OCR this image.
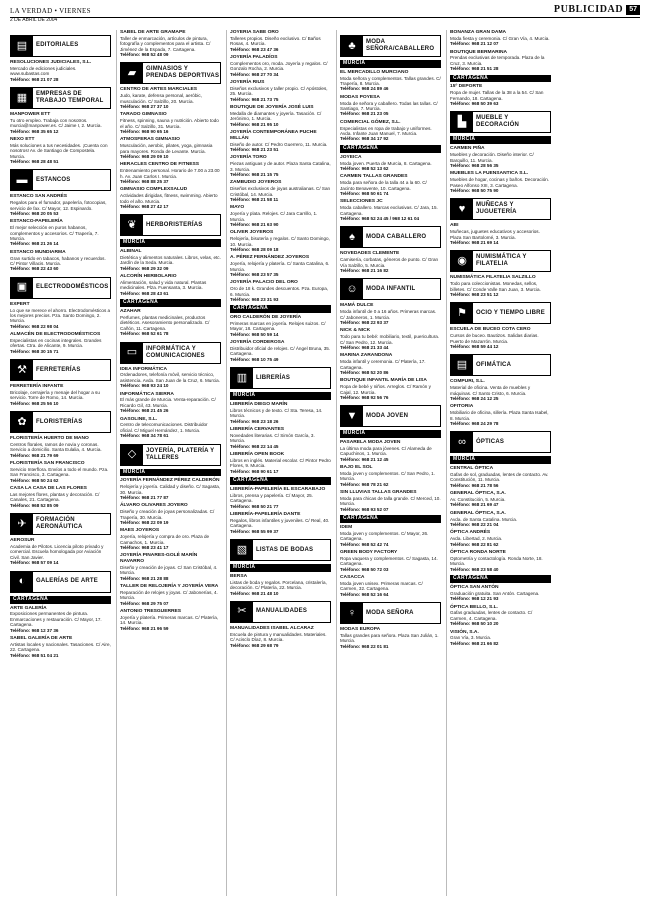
LA VERDAD • VIERNES	PUBLICIDAD 57
2 DE ABRIL DE 2004
▤	EDITORIALES
RESOLUCIONES JUDICIALES, S.L.
Mercado de ediciones judiciales. www.subastas.com
Teléfono: 968 21 07 28
▦	EMPRESAS DE TRABAJO TEMPORAL
MANPOWER ETT
Tu otro empleo. Trabaja con nosotros. murcia@manpower.es. C/ Jaime I, 2. Murcia.
Teléfono: 968 35 65 12
NEXO ETT
Más soluciones a tus necesidades. ¡Cuenta con nosotros! Av. de Santiago de Compostela. Murcia.
Teléfono: 968 28 48 51
▬	ESTANCOS
ESTANCO SAN ANDRÉS
Regalos para el fumador, papelería, fotocopias, servicio de fax. C/ Mayor, 12. Espinardo.
Teléfono: 968 20 05 53
ESTANCO-PAPELERÍA
El mejor selección en puros habanos, complementos y accesorios. C/ Trapería, 7. Murcia.
Teléfono: 968 21 26 14
ESTANCO MUNDIARMA
Gran surtido en tabacos, habanos y recuerdos. C/ Pintor Villacis. Murcia.
Teléfono: 968 22 43 60
▣	ELECTRODOMÉSTICOS
EXPERT
Lo que se merece el ahorro. Electrodomésticos a los mejores precios. Pza. Santo Domingo, 2. Murcia.
Teléfono: 968 22 98 04
ALMACÉN DE ELECTRODOMÉSTICOS
Especialistas en cocinas integrales. Grandes ofertas. Ctra. de Alicante, 9. Murcia.
Teléfono: 968 30 15 71
⚒	FERRETERÍAS
FERRETERÍA INFANTE
Bricolaje, cerrajería y menaje del hogar a su servicio. Torre de Romo, 14. Murcia.
Teléfono: 968 25 56 10
✿	FLORISTERÍAS
FLORISTERÍA HUERTO DE MANO
Centros florales, ramos de novia y coronas. Servicio a domicilio. Santa Eulalia, 4. Murcia.
Teléfono: 968 21 79 69
FLORISTERÍA SAN FRANCISCO
Servicio Interflora. Envíos a todo el mundo. Pza. San Francisco, 3. Cartagena.
Teléfono: 968 50 24 62
CASA LA CASA DE LAS FLORES
Las mejores flores, plantas y decoración. C/ Canales, 21. Cartagena.
Teléfono: 968 52 85 09
✈	FORMACIÓN AERONÁUTICA
AEROSUR
Academia de Pilotos. Licencia piloto privado y comercial. Escuela homologada por Aviación Civil. San Javier.
Teléfono: 968 57 09 14
◐	GALERÍAS DE ARTE
CARTAGENA
ARTE GALERÍA
Exposiciones permanentes de pintura. Enmarcaciones y restauración. C/ Mayor, 17. Cartagena.
Teléfono: 968 12 37 36
SABEL GALERÍA DE ARTE
Artistas locales y nacionales. Tasaciones. C/ Aire, 22. Cartagena.
Teléfono: 968 51 04 21
SABEL DE ARTE GRAMAPÉ
Taller de enmarcación, artículos de pintura, fotografía y complementos para el artista. C/ Jiménez de la Espada, 7. Cartagena.
Teléfono: 968 52 48 09
▰	GIMNASIOS Y PRENDAS DEPORTIVAS
CENTRO DE ARTES MARCIALES
Judo, karate, defensa personal, aeróbic, musculación. C/ Salzillo, 20. Murcia.
Teléfono: 968 27 37 10
TARADO GIMNASIO
Fitness, spinning, sauna y nutrición. Abierto todo el año. C/ Salzillo, 31. Murcia.
Teléfono: 968 90 65 16
ATMOSFERAS GIMNASIO
Musculación, aerobic, pilates, yoga, gimnasia para mayores. Ronda de Levante. Murcia.
Teléfono: 968 29 09 10
HERACLES CENTRO DE FITNESS
Entrenamiento personal. Horario de 7.00 a 23.00 h. Av. Juan Carlos I. Murcia.
Teléfono: 968 88 25 37
GIMNASIO COMPLEXSALUD
Actividades dirigidas, fitness, swimming. Abierto todo el año. Murcia.
Teléfono: 968 27 42 17
❦	HERBORISTERÍAS
MURCIA
ALBINAL
Dietética y alimentos naturales. Libros, velas, etc. Jardín de la Seda. Murcia.
Teléfono: 968 29 32 09
ALCORÍN HERBOLARIO
Alimentación, salud y vida natural. Plantas medicinales. Plza. Fuensanta, 3. Murcia.
Teléfono: 968 28 43 61
CARTAGENA
AZAHAR
Perfumes, plantas medicinales, productos dietéticos. Asesoramiento personalizado. C/ Cañón, 11. Cartagena.
Teléfono: 968 52 61 78
▭	INFORMÁTICA Y COMUNICACIONES
IDEA INFORMÁTICA
Ordenadores, telefonía móvil, servicio técnico, asistencia. Avda. San Juan de la Cruz, 6. Murcia.
Teléfono: 968 93 24 10
INFORMÁTICA SIERRA
El más grande de Murcia. Venta-reparación. C/ Ricardo Gil, 43. Murcia.
Teléfono: 968 21 45 26
GASOLINE, S.L.
Centro de telecomunicaciones. Distribuidor oficial. C/ Miguel Hernández, 1. Murcia.
Teléfono: 968 34 78 61
◇	JOYERÍA, PLATERÍA Y TALLERES
MURCIA
JOYERÍA FERNÁNDEZ PÉREZ CALDERÓN
Relojería y joyería. Calidad y diseño. C/ Sagasta, 30. Murcia.
Teléfono: 968 21 77 87
ÁLVARO OLIVARES JOYERO
Diseño y creación de joyas personalizadas. C/ Trapería, 30. Murcia.
Teléfono: 968 22 09 19
MAES JOYEROS
Joyería, relojería y compra de oro. Plaza de Camachos, 1. Murcia.
Teléfono: 968 23 41 17
JOYERÍA PINARES-GOLÉ MARÍN NAVARRO
Diseño y creación de joyas. C/ San Cristóbal, 4. Murcia.
Teléfono: 968 21 28 88
TALLER DE RELOJERÍA Y JOYERÍA VERA
Reparación de relojes y joyas. C/ Jabonerías, 4. Murcia.
Teléfono: 968 29 75 07
ANTONIO TRESGUERRES
Joyería y platería. Primeras marcas. C/ Platería, 14. Murcia.
Teléfono: 968 21 96 59
JOYERÍA SABÉ ORO
Talleres propios. Diseño exclusivo. C/ Baños Rosas, 4. Murcia.
Teléfono: 968 23 47 36
JOYERÍA PALADÍOS
Complementos oro, moda. Joyería y regalos. C/ Gonzalo Rocha, 2. Murcia.
Teléfono: 968 27 70 34
JOYERÍA RIUS
Diseños exclusivos y taller propio. C/ Apóstoles, 25. Murcia.
Teléfono: 968 21 73 75
BOUTIQUE DE JOYERÍA JOSÉ LUIS
Medalla de diamantes y joyería. Tasación. C/ Jerónimo, 1. Murcia.
Teléfono: 968 21 95 10
JOYERÍA CONTEMPORÁNEA PUCHE MILLÁN
Diseño de autor. C/ Pedro Guerrero, 11. Murcia.
Teléfono: 968 21 23 51
JOYERÍA TORO
Piezas antiguas y de autor. Plaza Santa Catalina, 3. Murcia.
Teléfono: 968 21 15 75
ZAMBUDIO JOYEROS
Diseños exclusivos de joyas australianas. C/ San Cristóbal, 14. Murcia.
Teléfono: 968 21 58 11
MAYO
Joyería y plata. Relojes. C/ Jara Carrillo, 1. Murcia.
Teléfono: 968 21 63 90
OLIVER JOYEROS
Relojería, bisutería y regalos. C/ Santo Domingo, 10. Murcia.
Teléfono: 968 28 09 18
A. PÉREZ FERNÁNDEZ JOYEROS
Joyería, relojería y platería. C/ Santa Catalina, 6. Murcia.
Teléfono: 968 23 57 35
JOYERÍA PALACIO DEL ORO
Oro de 18 k. Grandes descuentos. Pza. Europa, 6. Murcia.
Teléfono: 968 23 31 93
CARTAGENA
ORO CALDERÓN DE JOYERÍA
Primeras marcas en joyería. Relojes suizos. C/ Mayor, 18. Cartagena.
Teléfono: 968 50 59 14
JOYERÍA CORDEROSA
Distribuidor oficial de relojes. C/ Ángel Bruna, 35. Cartagena.
Teléfono: 968 10 75 49
▥	LIBRERÍAS
MURCIA
LIBRERÍA DIEGO MARÍN
Libros técnicos y de texto. C/ Sta. Teresa, 14. Murcia.
Teléfono: 968 23 18 26
LIBRERÍA CERVANTES
Novedades literarias. C/ Simón García, 3. Murcia.
Teléfono: 968 22 14 45
LIBRERÍA OPEN BOOK
Libros en inglés. Material escolar. C/ Pintor Pedro Flores, 9. Murcia.
Teléfono: 968 90 61 17
CARTAGENA
LIBRERÍA-PAPELERÍA EL ESCARABAJO
Libros, prensa y papelería. C/ Mayor, 25. Cartagena.
Teléfono: 968 50 21 77
LIBRERÍA-PAPELERÍA DANTE
Regalos, libros infantiles y juveniles. C/ Real, 40. Cartagena.
Teléfono: 968 55 99 37
▧	LISTAS DE BODAS
MURCIA
BERSA
Listas de boda y regalos. Porcelana, cristalería, decoración. C/ Platería, 22. Murcia.
Teléfono: 968 21 48 10
✂	MANUALIDADES
MANUALIDADES ISABEL ALCARAZ
Escuela de pintura y manualidades. Materiales. C/ Acisclo Díaz, 8. Murcia.
Teléfono: 968 29 68 79
♣	MODA SEÑORA/CABALLERO
MURCIA
EL MERCADILLO MURCIANO
Moda señora y complementos. Tallas grandes. C/ Trapería, 8. Murcia.
Teléfono: 968 24 89 46
MODAS POYESA
Moda de señora y caballero. Todas las tallas. C/ Santiago, 7. Murcia.
Teléfono: 968 21 23 05
COMERCIAL GÓMEZ, S.L.
Especialistas en ropa de trabajo y uniformes. Avda. Infante Juan Manuel, 7. Murcia.
Teléfono: 968 34 17 92
CARTAGENA
JOYEICA
Moda joven. Puerta de Murcia, 8. Cartagena.
Teléfono: 968 52 13 62
CARMEN TALLAS GRANDES
Moda para señora de la talla 44 a la 60. C/ Jacinto Benavente, 10. Cartagena.
Teléfono: 968 50 61 74
SELECCIONES JC
Moda caballero. Marcas exclusivas. C/ Jara, 15. Cartagena.
Teléfono: 968 52 24 45 / 968 12 61 04
♠	MODA CABALLERO
NOVEDADES CLEMENTE
Camisería, corbatas, géneros de punto. C/ Gran Vía Salzillo, 5. Murcia.
Teléfono: 968 21 16 82
☺	MODA INFANTIL
MAMÁ DULCE
Moda infantil de 0 a 16 años. Primeras marcas. C/ Jaboneros, 1. Murcia.
Teléfono: 968 22 93 37
NICK & NICK
Todo para tu bebé: mobiliario, textil, puericultura. C/ San Pedro, 12. Murcia.
Teléfono: 968 21 33 44
MARINA ZARANDONA
Moda infantil y ceremonia. C/ Platería, 17. Cartagena.
Teléfono: 968 52 20 86
BOUTIQUE INFANTIL MARÍA DE LISA
Ropa de bebé y niños. Arreglos. C/ Ramón y Cajal, 12. Murcia.
Teléfono: 968 92 56 76
▼	MODA JOVEN
MURCIA
PASARELA MODA JOVEN
La última moda para jóvenes. C/ Alameda de Capuchinos, 1. Murcia.
Teléfono: 968 21 12 45
BAJO EL SOL
Moda joven y complementos. C/ San Pedro, 1. Murcia.
Teléfono: 968 78 21 62
SIN LLUVIAS TALLAS GRANDES
Moda para chicas de talla grande. C/ Merced, 10. Murcia.
Teléfono: 968 93 52 07
CARTAGENA
IDEM
Moda joven y complementos. C/ Mayor, 26. Cartagena.
Teléfono: 968 52 42 74
GREEN BODY FACTORY
Ropa vaquera y complementos. C/ Sagasta, 14. Cartagena.
Teléfono: 968 50 72 03
CASACCA
Moda joven unisex. Primeras marcas. C/ Carmen, 32. Cartagena.
Teléfono: 968 52 16 64
♀	MODA SEÑORA
MODAS EUROPA
Tallas grandes para señora. Plaza San Julián, 1. Murcia.
Teléfono: 968 22 01 81
BONANZA GRAN DAMA
Moda fiesta y ceremonia. C/ Gran Vía, 4. Murcia.
Teléfono: 968 21 12 07
BOUTIQUE BERMARINA
Prendas exclusivas de temporada. Plaza de la Cruz, 3. Murcia.
Teléfono: 968 21 51 28
CARTAGENA
15º DEPORTE
Ropa de mujer. Tallas de la 38 a la 54. C/ San Fernando, 18. Cartagena.
Teléfono: 968 50 39 63
▙	MUEBLE Y DECORACIÓN
MURCIA
CARMEN PIÑA
Muebles y decoración. Diseño interior. C/ Barquillo, 11. Murcia.
Teléfono: 968 28 56 35
MUEBLES LA FUENSANTICA S.L.
Muebles de hogar, cocinas y baños. Decoración. Paseo Alfonso XIII, 3. Cartagena.
Teléfono: 968 50 75 90
♥	MUÑECAS Y JUGUETERÍA
ABI
Muñecas, juguetes educativos y accesorios. Plaza San Bartolomé, 3. Murcia.
Teléfono: 968 21 69 14
◉	NUMISMÁTICA Y FILATELIA
NUMISMÁTICA FILATELIA SALZILLO
Todo para coleccionistas. Monedas, sellos, billetes. C/ Conde Valle San Juan, 3. Murcia.
Teléfono: 968 23 51 12
⚑	OCIO Y TIEMPO LIBRE
ESCUELA DE BUCEO COTA CERO
Cursos de buceo. Bautizos. Salidas diarias. Puerto de Mazarrón. Murcia.
Teléfono: 968 59 44 12
▤	OFIMÁTICA
COMPURI, S.L.
Material de oficina. Venta de muebles y máquinas. C/ Santo Cristo, 6. Murcia.
Teléfono: 968 24 12 25
OFITORIA
Mobiliario de oficina, sillería. Plaza Santa Isabel, 8. Murcia.
Teléfono: 968 24 29 78
∞	ÓPTICAS
MURCIA
CENTRAL ÓPTICA
Gafas de sol, graduadas, lentes de contacto. Av. Constitución, 11. Murcia.
Teléfono: 968 21 78 56
GENERAL ÓPTICA, S.A.
Av. Constitución, 5. Murcia.
Teléfono: 968 21 69 47
GENERAL ÓPTICA, S.A.
Avda. de Santa Catalina. Murcia.
Teléfono: 968 22 21 04
ÓPTICA ANDRÉS
Avda. Libertad, 2. Murcia.
Teléfono: 968 22 81 62
ÓPTICA RONDA NORTE
Optometría y contactología. Ronda Norte, 18. Murcia.
Teléfono: 968 23 58 40
CARTAGENA
ÓPTICA SAN ANTÓN
Graduación gratuita. San Antón. Cartagena.
Teléfono: 968 12 21 93
ÓPTICA BELLO, S.L.
Gafas graduadas, lentes de contacto. C/ Carmen, 4. Cartagena.
Teléfono: 968 50 10 20
VISIÓN, S.A.
Gran Vía, 3. Murcia.
Teléfono: 968 21 66 82
